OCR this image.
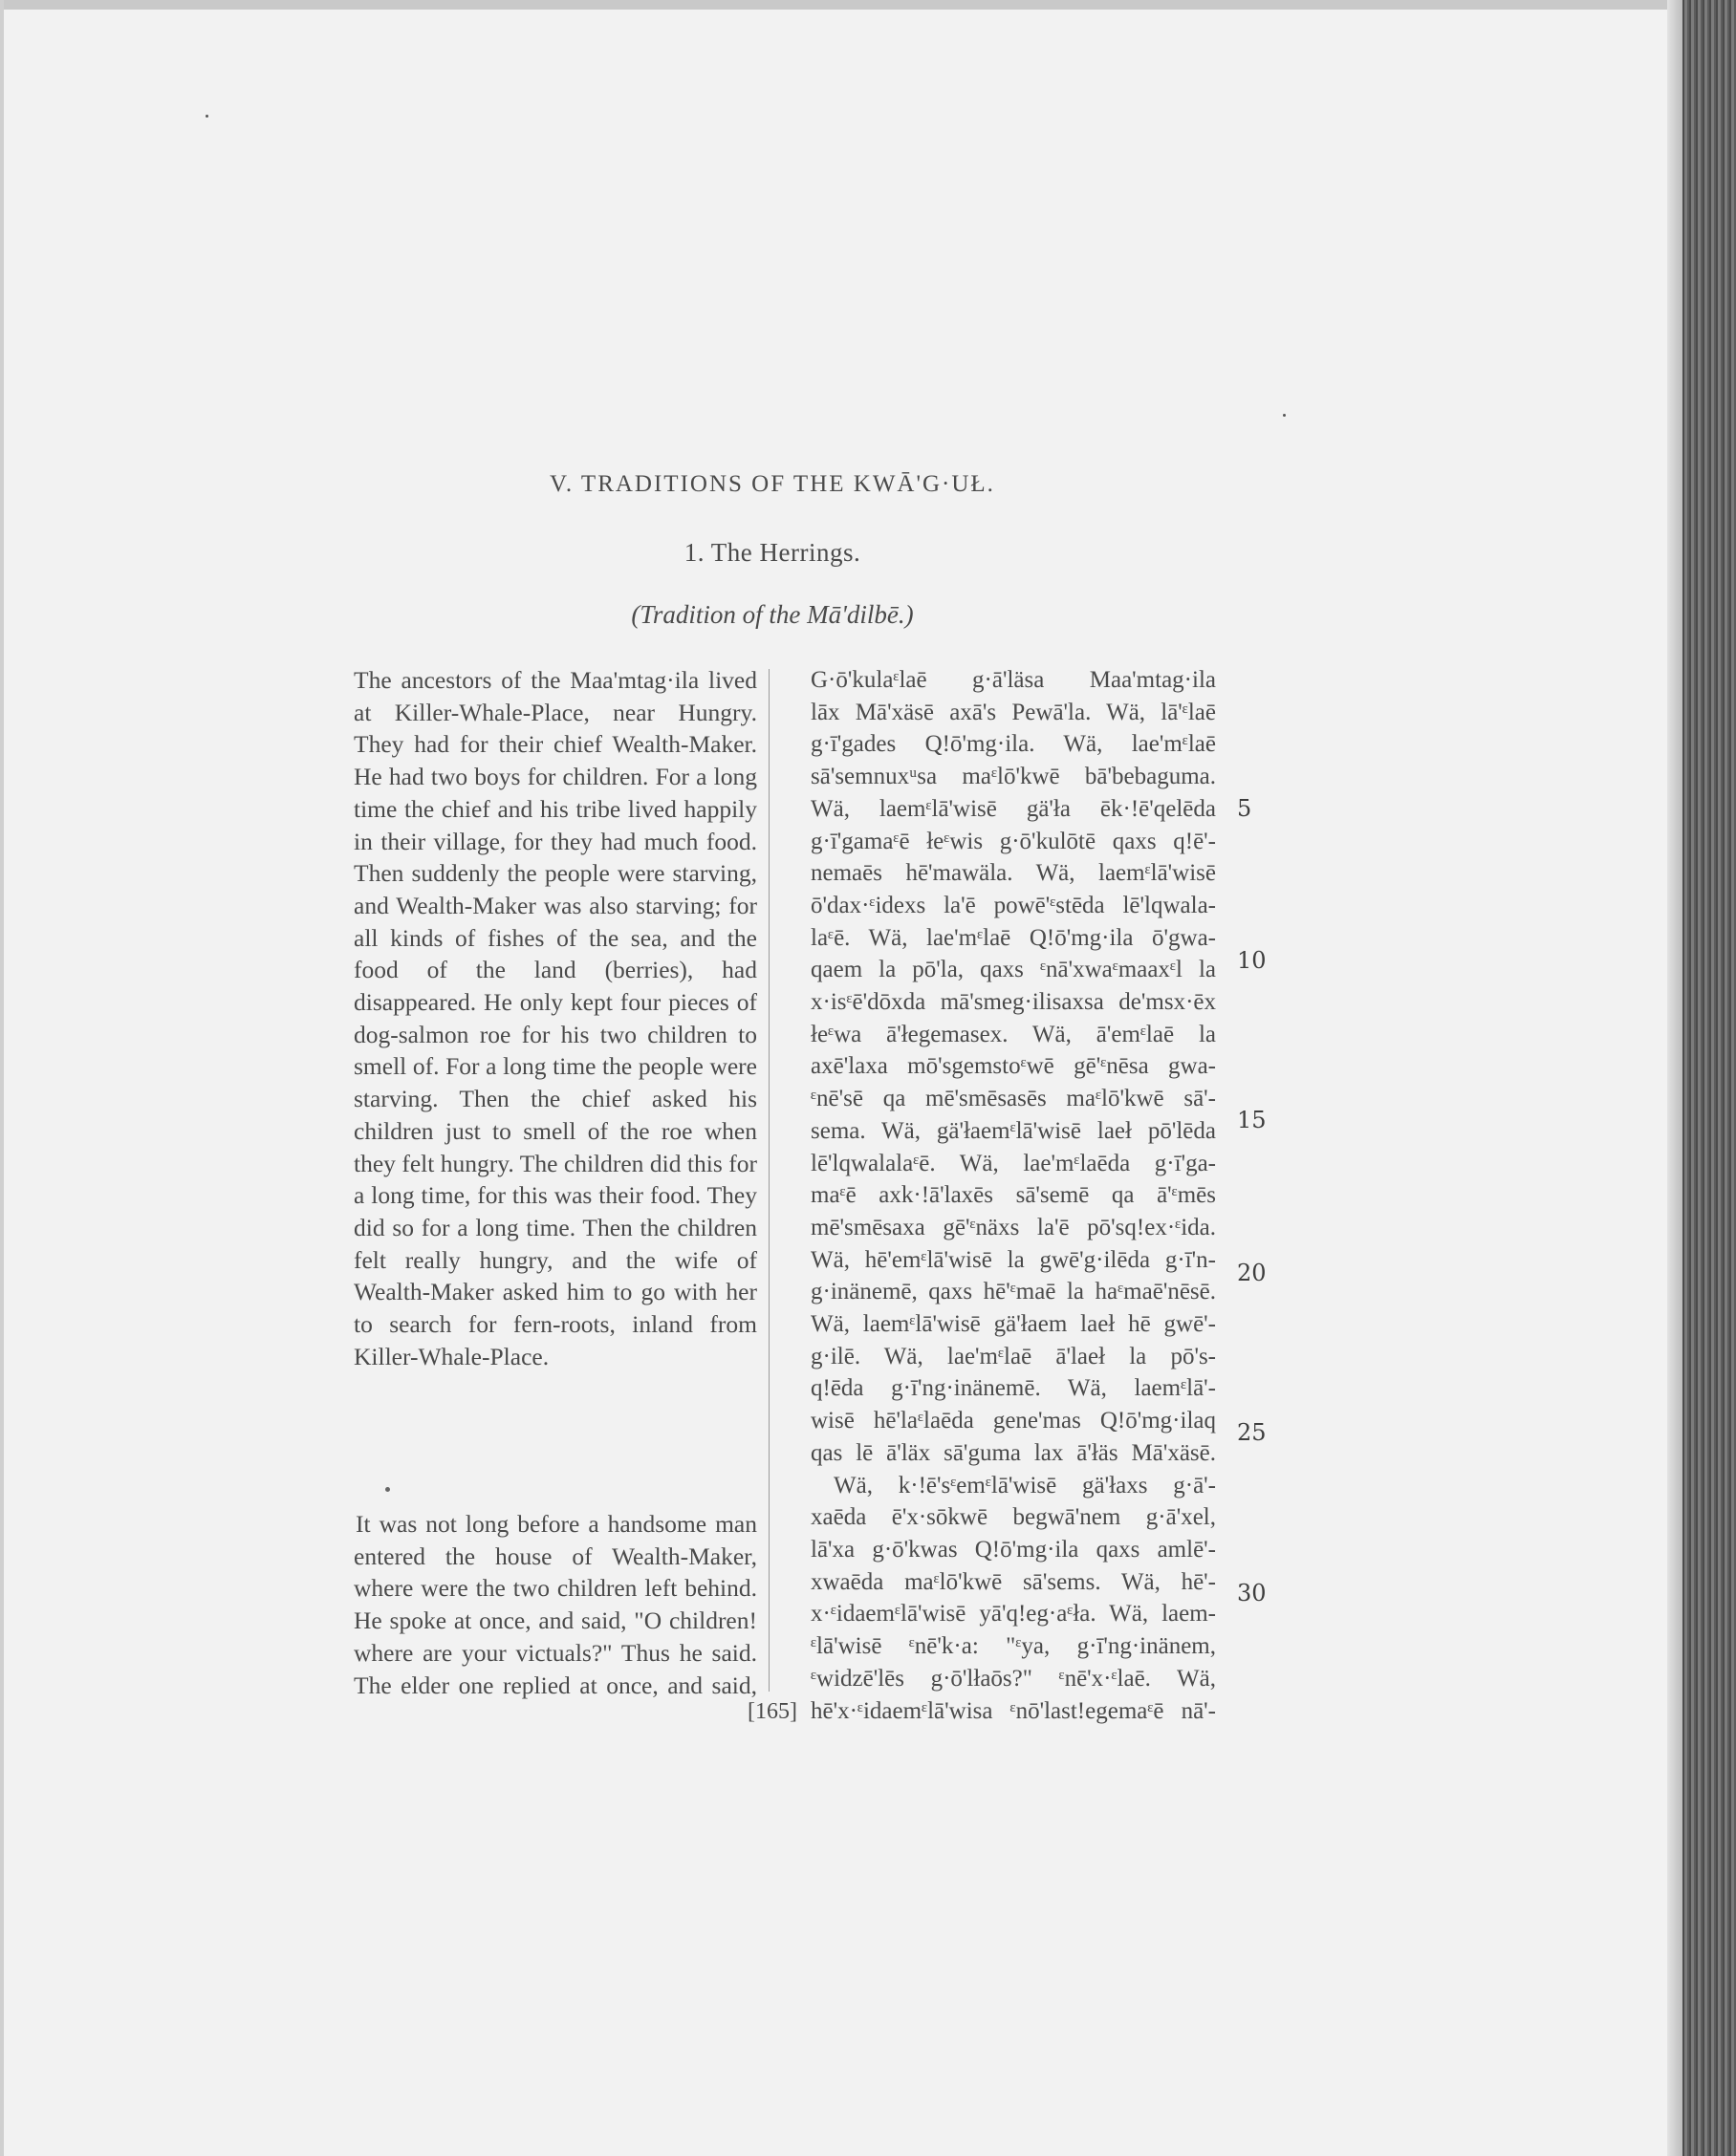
V. TRADITIONS OF THE KWĀ'G·UŁ.
1. The Herrings.
(Tradition of the Mā'dilbē.)

The ancestors of the Maa'mtag·ila lived at Killer-Whale-Place, near Hungry. They had for their chief Wealth-Maker. He had two boys for children. For a long time the chief and his tribe lived happily in their village, for they had much food. Then suddenly the people were starving, and Wealth-Maker was also starving; for all kinds of fishes of the sea, and the food of the land (berries), had disappeared. He only kept four pieces of dog-salmon roe for his two children to smell of. For a long time the people were starving. Then the chief asked his children just to smell of the roe when they felt hungry. The children did this for a long time, for this was their food. They did so for a long time. Then the children felt really hungry, and the wife of Wealth-Maker asked him to go with her to search for fern-roots, inland from Killer-Whale-Place.

It was not long before a handsome man entered the house of Wealth-Maker, where were the two children left behind. He spoke at once, and said, "O children! where are your victuals?" Thus he said. The elder one replied at once, and said,

G·ō'kulaᵋlaē g·ā'läsa Maa'mtag·ila
lāx Mā'xäsē axā's Pewā'la. Wä, lā'ᵋlaē
g·ī'gades Q!ō'mg·ila. Wä, lae'mᵋlaē
sā'semnuxᵘsa maᵋlō'kwē bā'bebaguma.
Wä, laemᵋlā'wisē gä'ła ēk·!ē'qelēda
g·ī'gamaᵋē łeᵋwis g·ō'kulōtē qaxs q!ē'-
nemaēs hē'mawäla. Wä, laemᵋlā'wisē
ō'dax·ᵋidexs la'ē powē'ᵋstēda lē'lqwala-
laᵋē. Wä, lae'mᵋlaē Q!ō'mg·ila ō'gwa-
qaem la pō'la, qaxs ᵋnā'xwaᵋmaaxᵋl la
x·isᵋē'dōxda mā'smeg·ilisaxsa de'msx·ēx
łeᵋwa ā'łegemasex. Wä, ā'emᵋlaē la
axē'laxa mō'sgemstoᵋwē gē'ᵋnēsa gwa-
ᵋnē'sē qa mē'smēsasēs maᵋlō'kwē sā'-
sema. Wä, gä'łaemᵋlā'wisē laeł pō'lēda
lē'lqwalalaᵋē. Wä, lae'mᵋlaēda g·ī'ga-
maᵋē axk·!ā'laxēs sā'semē qa ā'ᵋmēs
mē'smēsaxa gē'ᵋnäxs la'ē pō'sq!ex·ᵋida.
Wä, hē'emᵋlā'wisē la gwē'g·ilēda g·ī'n-
g·inänemē, qaxs hē'ᵋmaē la haᵋmaē'nēsē.
Wä, laemᵋlā'wisē gä'łaem laeł hē gwē'-
g·ilē. Wä, lae'mᵋlaē ā'laeł la pō's-
q!ēda g·ī'ng·inänemē. Wä, laemᵋlā'-
wisē hē'laᵋlaēda gene'mas Q!ō'mg·ilaq
qas lē ā'läx sā'guma lax ā'łäs Mā'xäsē.
Wä, k·!ē'sᵋemᵋlā'wisē gä'łaxs g·ā'-
xaēda ē'x·sōkwē begwā'nem g·ā'xel,
lā'xa g·ō'kwas Q!ō'mg·ila qaxs amlē'-
xwaēda maᵋlō'kwē sā'sems. Wä, hē'-
x·ᵋidaemᵋlā'wisē yā'q!eg·aᵋła. Wä, laem-
ᵋlā'wisē ᵋnē'k·a: "ᵋya, g·ī'ng·inänem,
ᵋwidzē'lēs g·ō'lłaōs?" ᵋnē'x·ᵋlaē. Wä,
hē'x·ᵋidaemᵋlā'wisa ᵋnō'last!egemaᵋē nā'-
5
10
15
20
25
30
[165]
